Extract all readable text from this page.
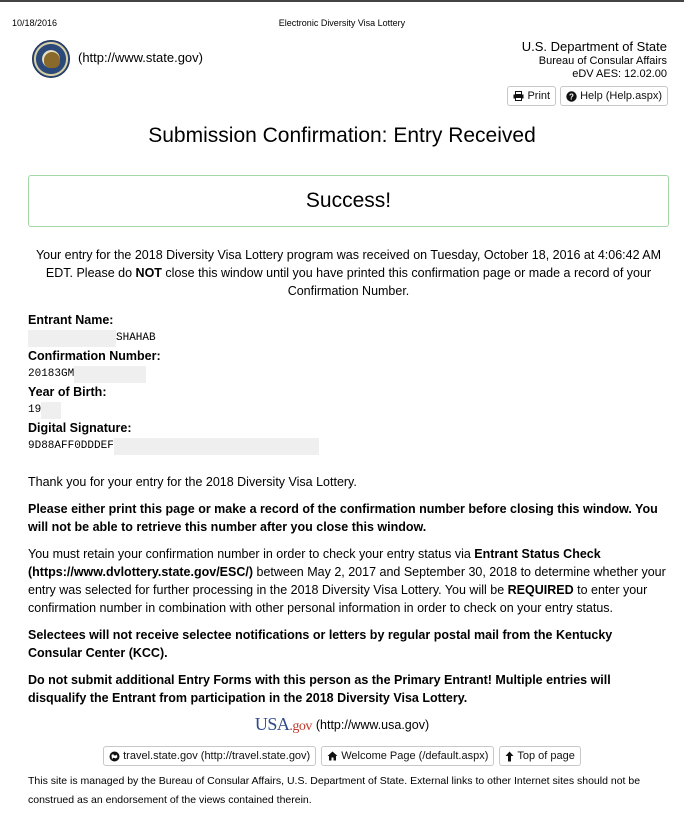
10/18/2016	Electronic Diversity Visa Lottery
(http://www.state.gov)
U.S. Department of State
Bureau of Consular Affairs
eDV AES: 12.02.00
Print ? Help (Help.aspx)
Submission Confirmation: Entry Received
Success!
Your entry for the 2018 Diversity Visa Lottery program was received on Tuesday, October 18, 2016 at 4:06:42 AM EDT. Please do NOT close this window until you have printed this confirmation page or made a record of your Confirmation Number.
Entrant Name:
SHAHAB
Confirmation Number:
20183GM
Year of Birth:
19
Digital Signature:
9D88AFF0DDDEF

Thank you for your entry for the 2018 Diversity Visa Lottery.

Please either print this page or make a record of the confirmation number before closing this window. You will not be able to retrieve this number after you close this window.

You must retain your confirmation number in order to check your entry status via Entrant Status Check (https://www.dvlottery.state.gov/ESC/) between May 2, 2017 and September 30, 2018 to determine whether your entry was selected for further processing in the 2018 Diversity Visa Lottery. You will be REQUIRED to enter your confirmation number in combination with other personal information in order to check on your entry status.

Selectees will not receive selectee notifications or letters by regular postal mail from the Kentucky Consular Center (KCC).

Do not submit additional Entry Forms with this person as the Primary Entrant! Multiple entries will disqualify the Entrant from participation in the 2018 Diversity Visa Lottery.

USA.gov (http://www.usa.gov)
travel.state.gov (http://travel.state.gov)	Welcome Page (/default.aspx)	Top of page
This site is managed by the Bureau of Consular Affairs, U.S. Department of State. External links to other Internet sites should not be construed as an endorsement of the views contained therein.
